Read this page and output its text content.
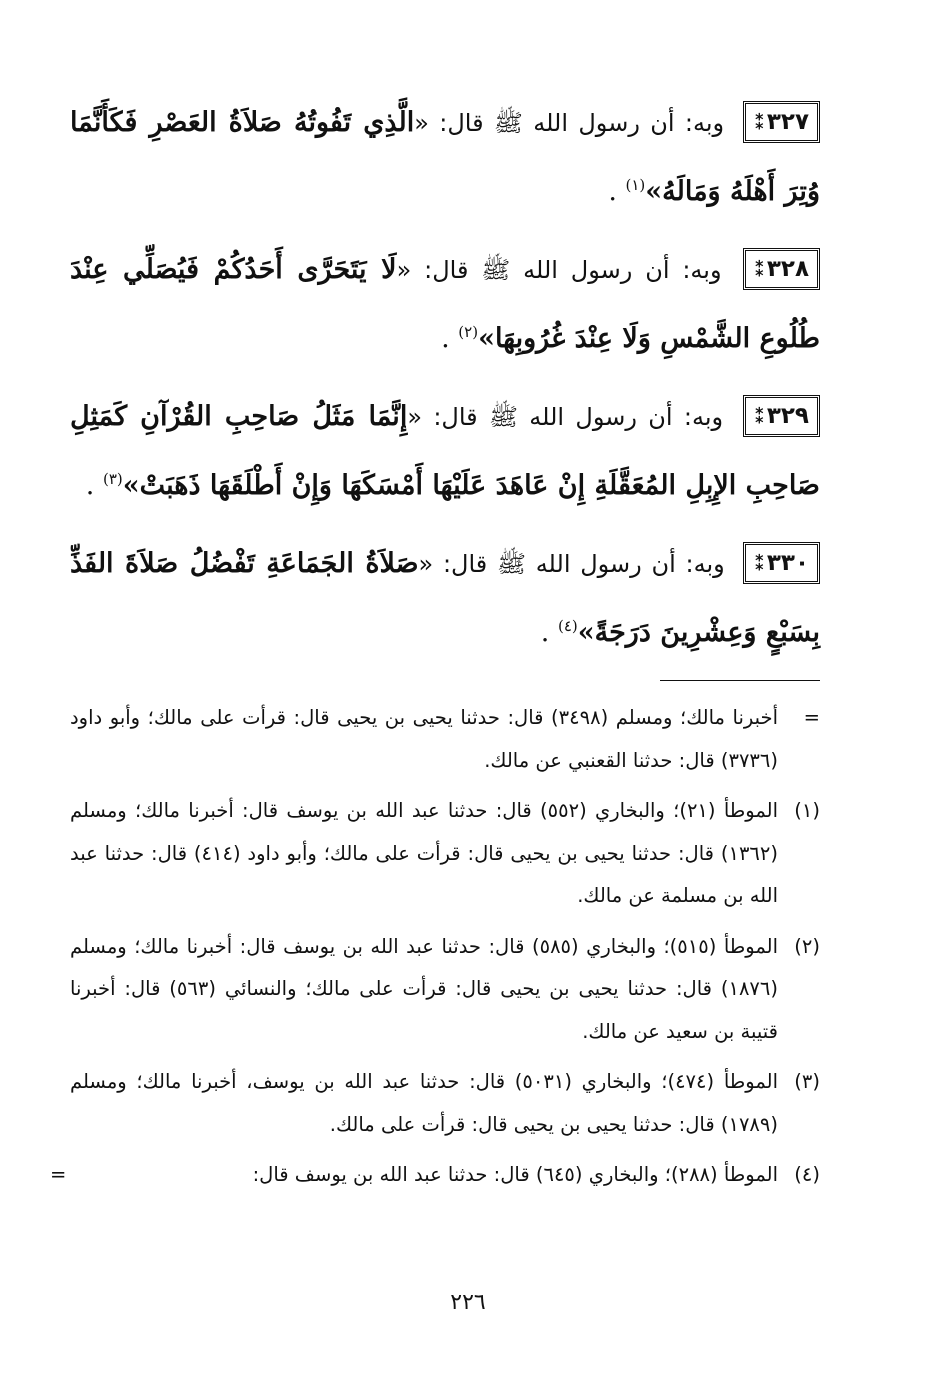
٣٢٧⁑ وبه: أن رسول الله ﷺ قال: «الَّذِي تَفُوتُهُ صَلاَةُ العَصْرِ فَكَأَنَّمَا وُتِرَ أَهْلَهُ وَمَالَهُ»$^{(١)}$ .

٣٢٨⁑ وبه: أن رسول الله ﷺ قال: «لَا يَتَحَرَّى أَحَدُكُمْ فَيُصَلِّي عِنْدَ طُلُوعِ الشَّمْسِ وَلَا عِنْدَ غُرُوبِهَا»$^{(٢)}$ .

٣٢٩⁑ وبه: أن رسول الله ﷺ قال: «إِنَّمَا مَثَلُ صَاحِبِ القُرْآنِ كَمَثِلِ صَاحِبِ الإِبِلِ المُعَقَّلَةِ إِنْ عَاهَدَ عَلَيْهَا أَمْسَكَهَا وَإِنْ أَطْلَقَهَا ذَهَبَتْ»$^{(٣)}$ .

٣٣٠⁑ وبه: أن رسول الله ﷺ قال: «صَلاَةُ الجَمَاعَةِ تَفْضُلُ صَلاَةَ الفَذِّ بِسَبْعٍ وَعِشْرِينَ دَرَجَةً»$^{(٤)}$ .

=
أخبرنا مالك؛ ومسلم (٣٤٩٨) قال: حدثنا يحيى بن يحيى قال: قرأت على مالك؛ وأبو داود (٣٧٣٦) قال: حدثنا القعنبي عن مالك.
(١)
الموطأ (٢١)؛ والبخاري (٥٥٢) قال: حدثنا عبد الله بن يوسف قال: أخبرنا مالك؛ ومسلم (١٣٦٢) قال: حدثنا يحيى بن يحيى قال: قرأت على مالك؛ وأبو داود (٤١٤) قال: حدثنا عبد الله بن مسلمة عن مالك.
(٢)
الموطأ (٥١٥)؛ والبخاري (٥٨٥) قال: حدثنا عبد الله بن يوسف قال: أخبرنا مالك؛ ومسلم (١٨٧٦) قال: حدثنا يحيى بن يحيى قال: قرأت على مالك؛ والنسائي (٥٦٣) قال: أخبرنا قتيبة بن سعيد عن مالك.
(٣)
الموطأ (٤٧٤)؛ والبخاري (٥٠٣١) قال: حدثنا عبد الله بن يوسف، أخبرنا مالك؛ ومسلم (١٧٨٩) قال: حدثنا يحيى بن يحيى قال: قرأت على مالك.
(٤)
الموطأ (٢٨٨)؛ والبخاري (٦٤٥) قال: حدثنا عبد الله بن يوسف قال:
=
٢٢٦
